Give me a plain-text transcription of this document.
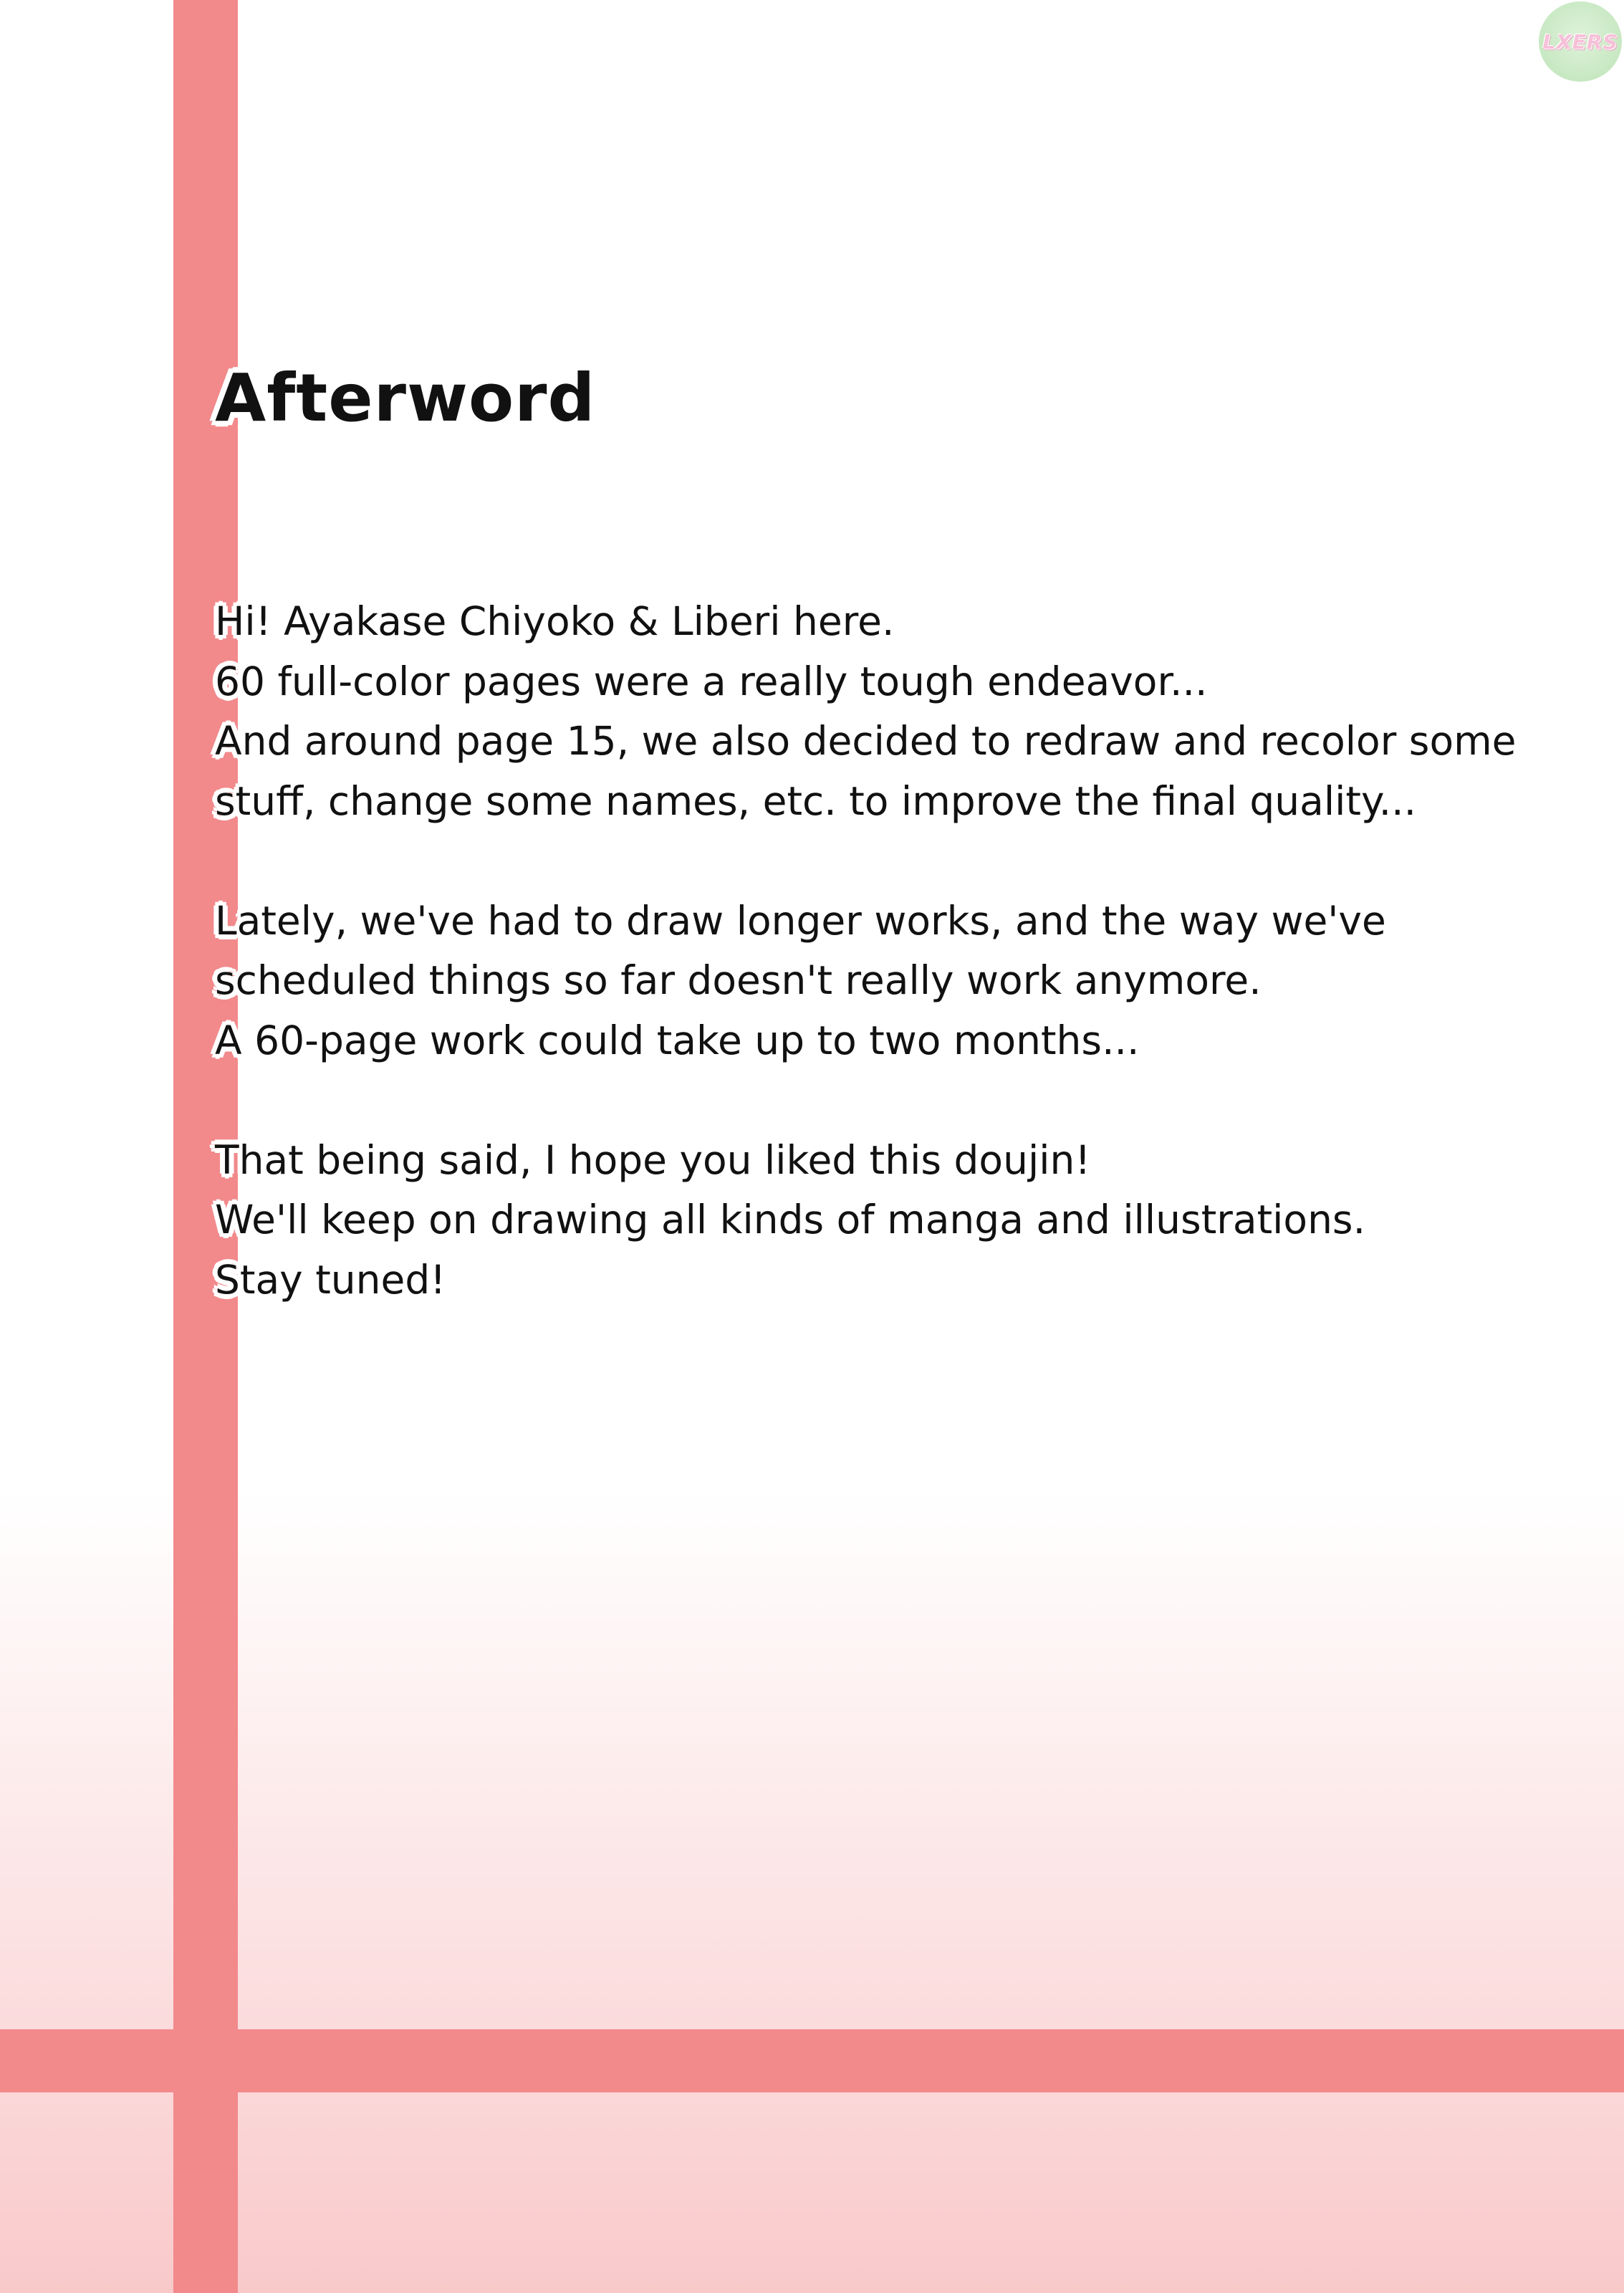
LXERS
Afterword
Hi! Ayakase Chiyoko & Liberi here.
60 full-color pages were a really tough endeavor...
And around page 15, we also decided to redraw and recolor some
stuff, change some names, etc. to improve the final quality...
Lately, we've had to draw longer works, and the way we've
scheduled things so far doesn't really work anymore.
A 60-page work could take up to two months...
That being said, I hope you liked this doujin!
We'll keep on drawing all kinds of manga and illustrations.
Stay tuned!
